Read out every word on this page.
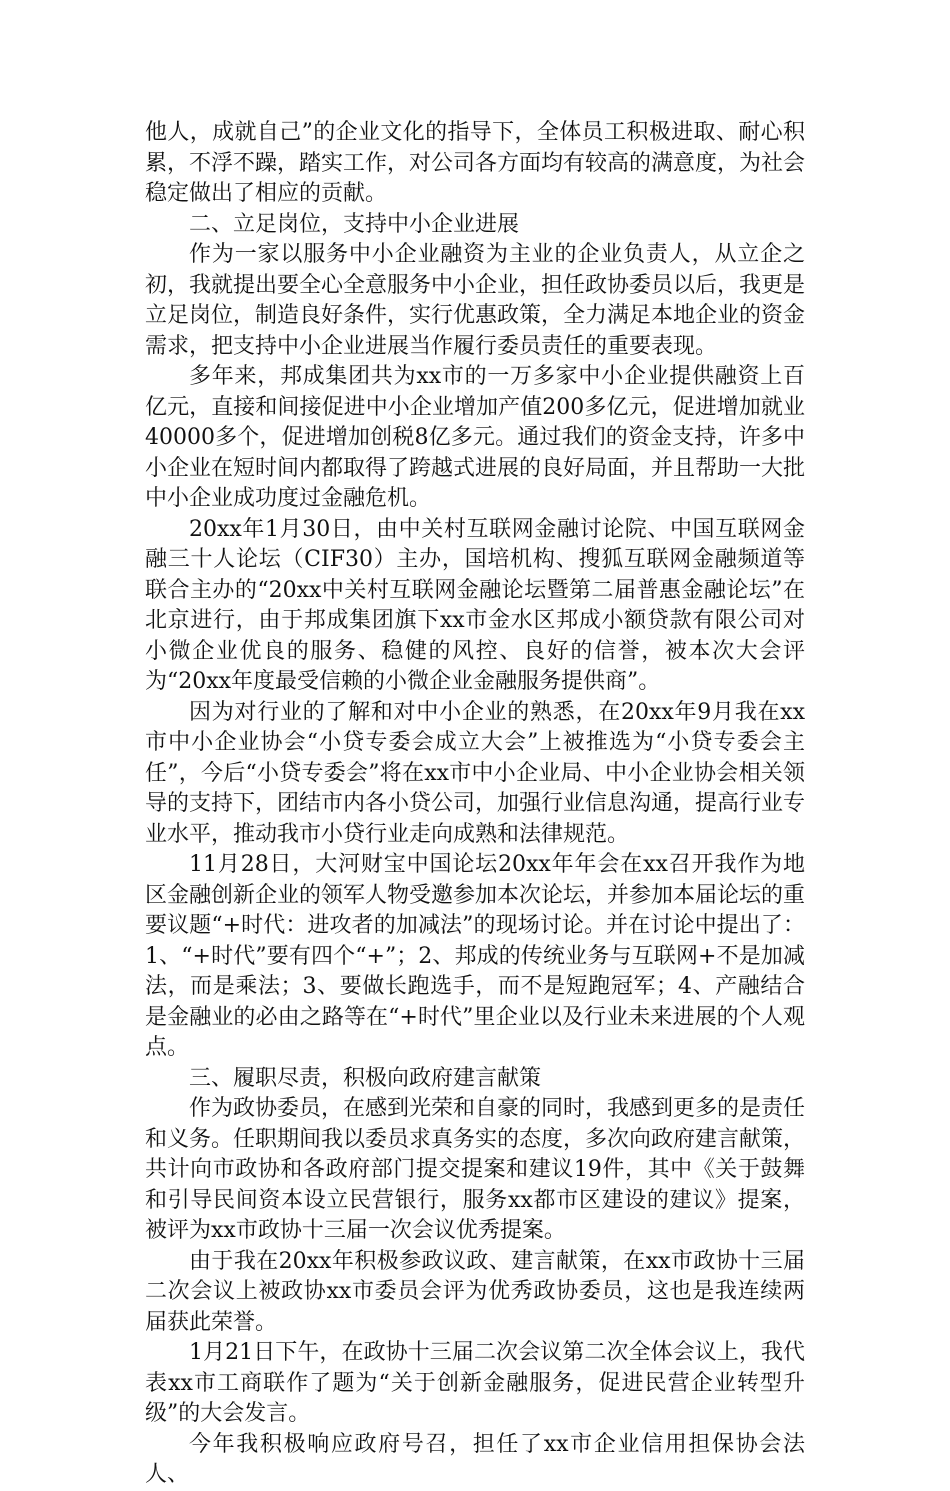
他人，成就自己”的企业文化的指导下，全体员工积极进取、耐心积累，不浮不躁，踏实工作，对公司各方面均有较高的满意度，为社会稳定做出了相应的贡献。

二、立足岗位，支持中小企业进展

作为一家以服务中小企业融资为主业的企业负责人，从立企之初，我就提出要全心全意服务中小企业，担任政协委员以后，我更是立足岗位，制造良好条件，实行优惠政策，全力满足本地企业的资金需求，把支持中小企业进展当作履行委员责任的重要表现。

多年来，邦成集团共为xx市的一万多家中小企业提供融资上百亿元，直接和间接促进中小企业增加产值200多亿元，促进增加就业40000多个，促进增加创税8亿多元。通过我们的资金支持，许多中小企业在短时间内都取得了跨越式进展的良好局面，并且帮助一大批中小企业成功度过金融危机。

20xx年1月30日，由中关村互联网金融讨论院、中国互联网金融三十人论坛（CIF30）主办，国培机构、搜狐互联网金融频道等联合主办的“20xx中关村互联网金融论坛暨第二届普惠金融论坛”在北京进行，由于邦成集团旗下xx市金水区邦成小额贷款有限公司对小微企业优良的服务、稳健的风控、良好的信誉，被本次大会评为“20xx年度最受信赖的小微企业金融服务提供商”。

因为对行业的了解和对中小企业的熟悉，在20xx年9月我在xx市中小企业协会“小贷专委会成立大会”上被推选为“小贷专委会主任”，今后“小贷专委会”将在xx市中小企业局、中小企业协会相关领导的支持下，团结市内各小贷公司，加强行业信息沟通，提高行业专业水平，推动我市小贷行业走向成熟和法律规范。

11月28日，大河财宝中国论坛20xx年年会在xx召开我作为地区金融创新企业的领军人物受邀参加本次论坛，并参加本届论坛的重要议题“+时代：进攻者的加减法”的现场讨论。并在讨论中提出了：1、“+时代”要有四个“+”；2、邦成的传统业务与互联网+不是加减法，而是乘法；3、要做长跑选手，而不是短跑冠军；4、产融结合是金融业的必由之路等在“+时代”里企业以及行业未来进展的个人观点。

三、履职尽责，积极向政府建言献策

作为政协委员，在感到光荣和自豪的同时，我感到更多的是责任和义务。任职期间我以委员求真务实的态度，多次向政府建言献策，共计向市政协和各政府部门提交提案和建议19件，其中《关于鼓舞和引导民间资本设立民营银行，服务xx都市区建设的建议》提案，被评为xx市政协十三届一次会议优秀提案。

由于我在20xx年积极参政议政、建言献策，在xx市政协十三届二次会议上被政协xx市委员会评为优秀政协委员，这也是我连续两届获此荣誉。

1月21日下午，在政协十三届二次会议第二次全体会议上，我代表xx市工商联作了题为“关于创新金融服务，促进民营企业转型升级”的大会发言。

今年我积极响应政府号召，担任了xx市企业信用担保协会法人、
